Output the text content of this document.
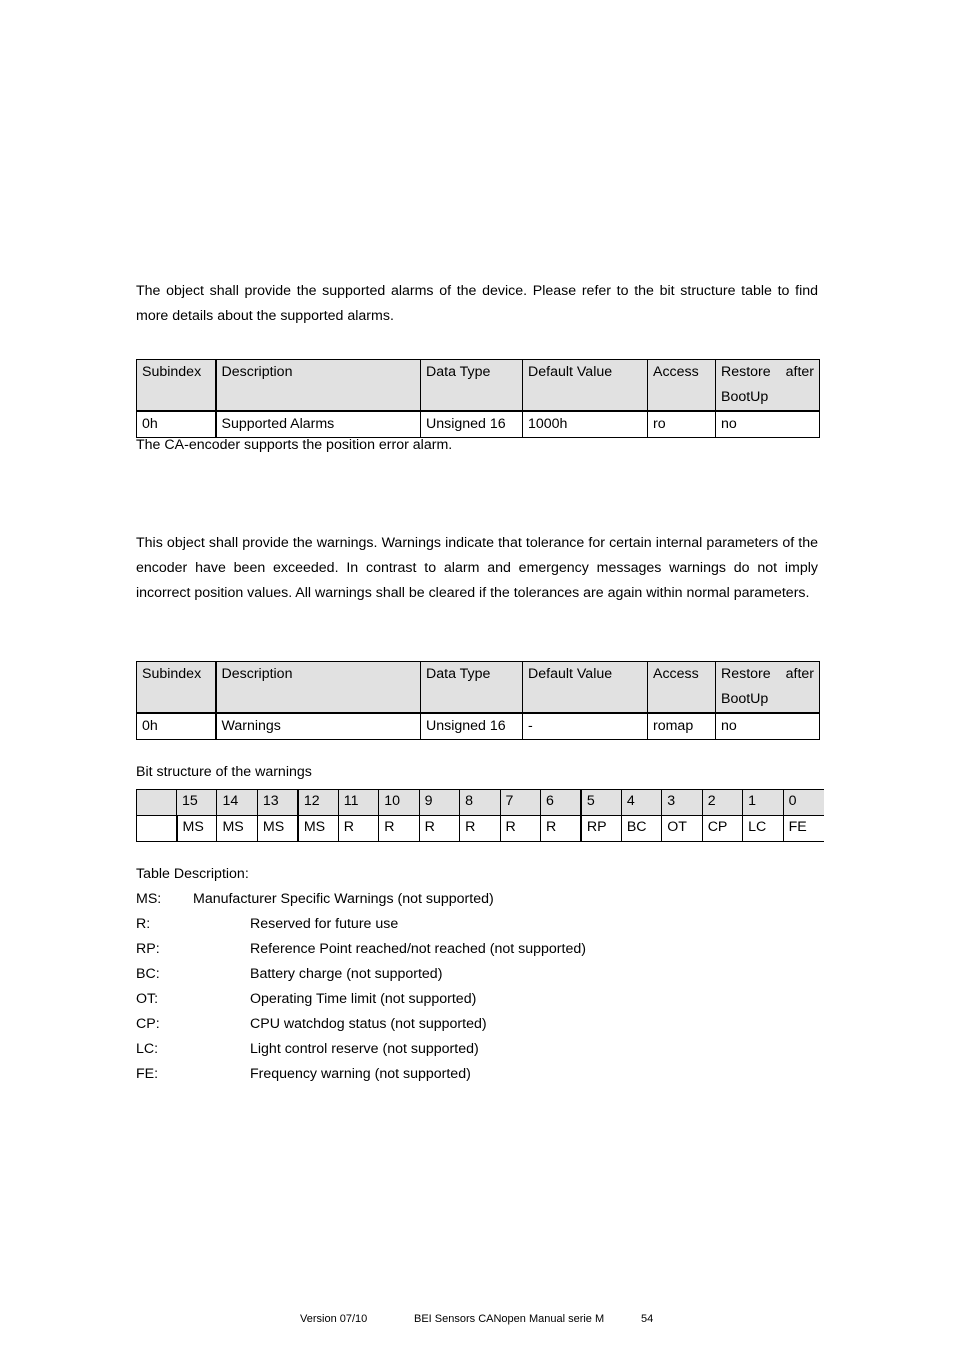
The object shall provide the supported alarms of the device. Please refer to the bit structure table to find more details about the supported alarms.

Subindex	Description	Data Type	Default Value	Access	Restore after
BootUp

0h	Supported Alarms	Unsigned 16	1000h	ro	no

The CA-encoder supports the position error alarm.

This object shall provide the warnings. Warnings indicate that tolerance for certain internal parameters of the encoder have been exceeded. In contrast to alarm and emergency messages warnings do not imply incorrect position values. All warnings shall be cleared if the tolerances are again within normal parameters.

Subindex	Description	Data Type	Default Value	Access	Restore after
BootUp

0h	Warnings	Unsigned 16	-	romap	no

Bit structure of the warnings

	15	14	13	12	11	10	9	8	7	6	5	4	3	2	1	0
	MS	MS	MS	MS	R	R	R	R	R	R	RP	BC	OT	CP	LC	FE

Table Description:

MS: Manufacturer Specific Warnings (not supported)
R:	Reserved for future use
RP:	Reference Point reached/not reached (not supported)
BC:	Battery charge (not supported)
OT:	Operating Time limit (not supported)
CP:	CPU watchdog status (not supported)
LC:	Light control reserve (not supported)
FE:	Frequency warning (not supported)
Version 07/10	BEI Sensors CANopen Manual serie M	54
